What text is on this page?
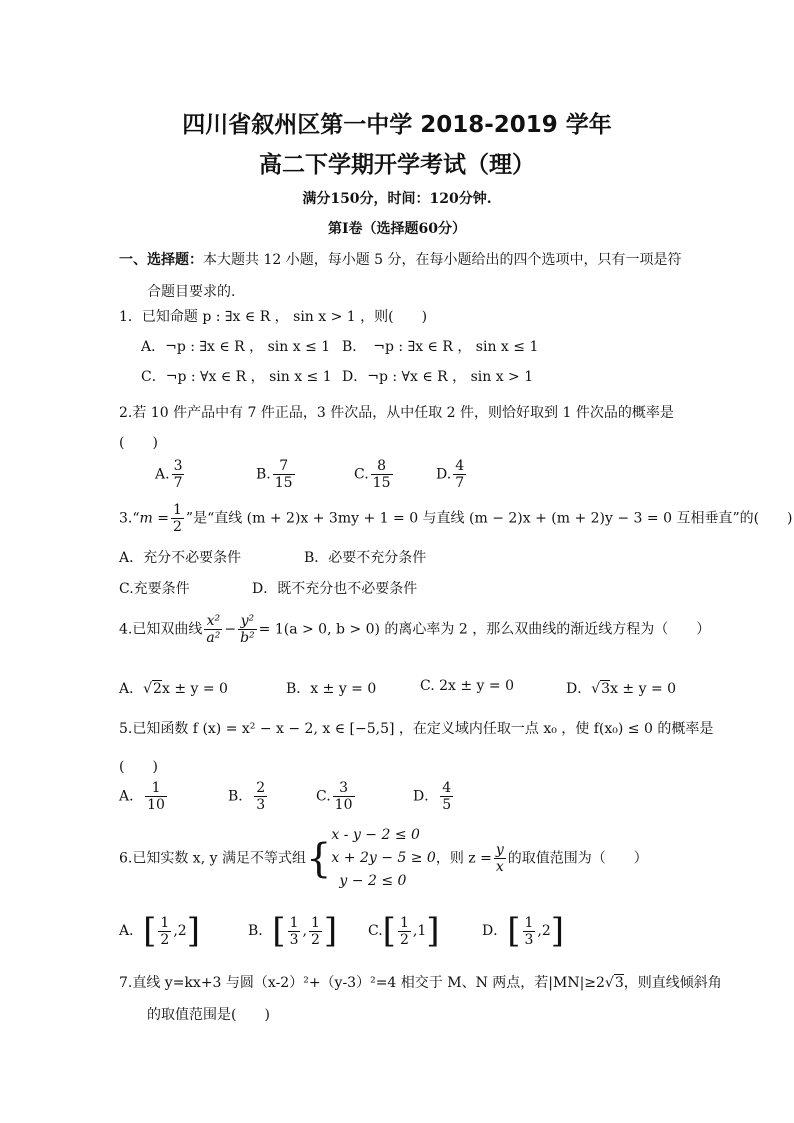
四川省叙州区第一中学 2018-2019 学年
高二下学期开学考试（理）
满分150分，时间：120分钟.
第Ⅰ卷（选择题60分）
一、选择题：本大题共 12 小题，每小题 5 分，在每小题给出的四个选项中，只有一项是符
合题目要求的.
1．已知命题 p : ∃x ∈ R ， sin x > 1 ，则(　　)
A．¬p : ∃x ∈ R ， sin x ≤ 1 B．　¬p : ∃x ∈ R ， sin x ≤ 1
C．¬p : ∀x ∈ R ， sin x ≤ 1 D．¬p : ∀x ∈ R ， sin x > 1
2.若 10 件产品中有 7 件正品，3 件次品，从中任取 2 件，则恰好取到 1 件次品的概率是
(　　)
A. $\frac{3}{7}$	B. $\frac{7}{15}$	C. $\frac{8}{15}$	D. $\frac{4}{7}$
3.“m = $\frac{1}{2}$ ”是“直线 (m + 2)x + 3my + 1 = 0 与直线 (m − 2)x + (m + 2)y − 3 = 0 互相垂直”的(　　)
A．充分不必要条件	B．必要不充分条件
C.充要条件	D．既不充分也不必要条件
4.已知双曲线 $\frac{\text{x²}}{\text{a²}} - \frac{\text{y²}}{\text{b²}} = 1(a > 0$, b > 0) 的离心率为 2 ，那么双曲线的渐近线方程为（　　）
A．√2x ± y = 0	B．x ± y = 0	C. 2x ± y = 0	D．√3x ± y = 0
5.已知函数 f (x) = x² − x − 2, x ∈ [−5,5] ，在定义域内任取一点 x₀ ，使 f(x₀) ≤ 0 的概率是
(　　)
A． $\frac{1}{10}$	B． $\frac{2}{3}$	C. $\frac{3}{10}$	D． $\frac{4}{5}$
6.已知实数 x, y 满足不等式组{
x - y − 2 ≤ 0
x + 2y − 5 ≥ 0
y − 2 ≤ 0
，则 $z = \frac{y}{x}$ 的取值范围为（　　）
A．[ $\frac{1}{2} ,2$]	B．[ $\frac{1}{3}$ , $\frac{1}{2}$ ] $C.[ \frac{1}{2} ,1]$	D．[ $\frac{1}{3} ,2$]
7.直线 y=kx+3 与圆（x-2）²+（y-3）²=4 相交于 M、N 两点，若|MN|≥2√3，则直线倾斜角
的取值范围是(　　)
